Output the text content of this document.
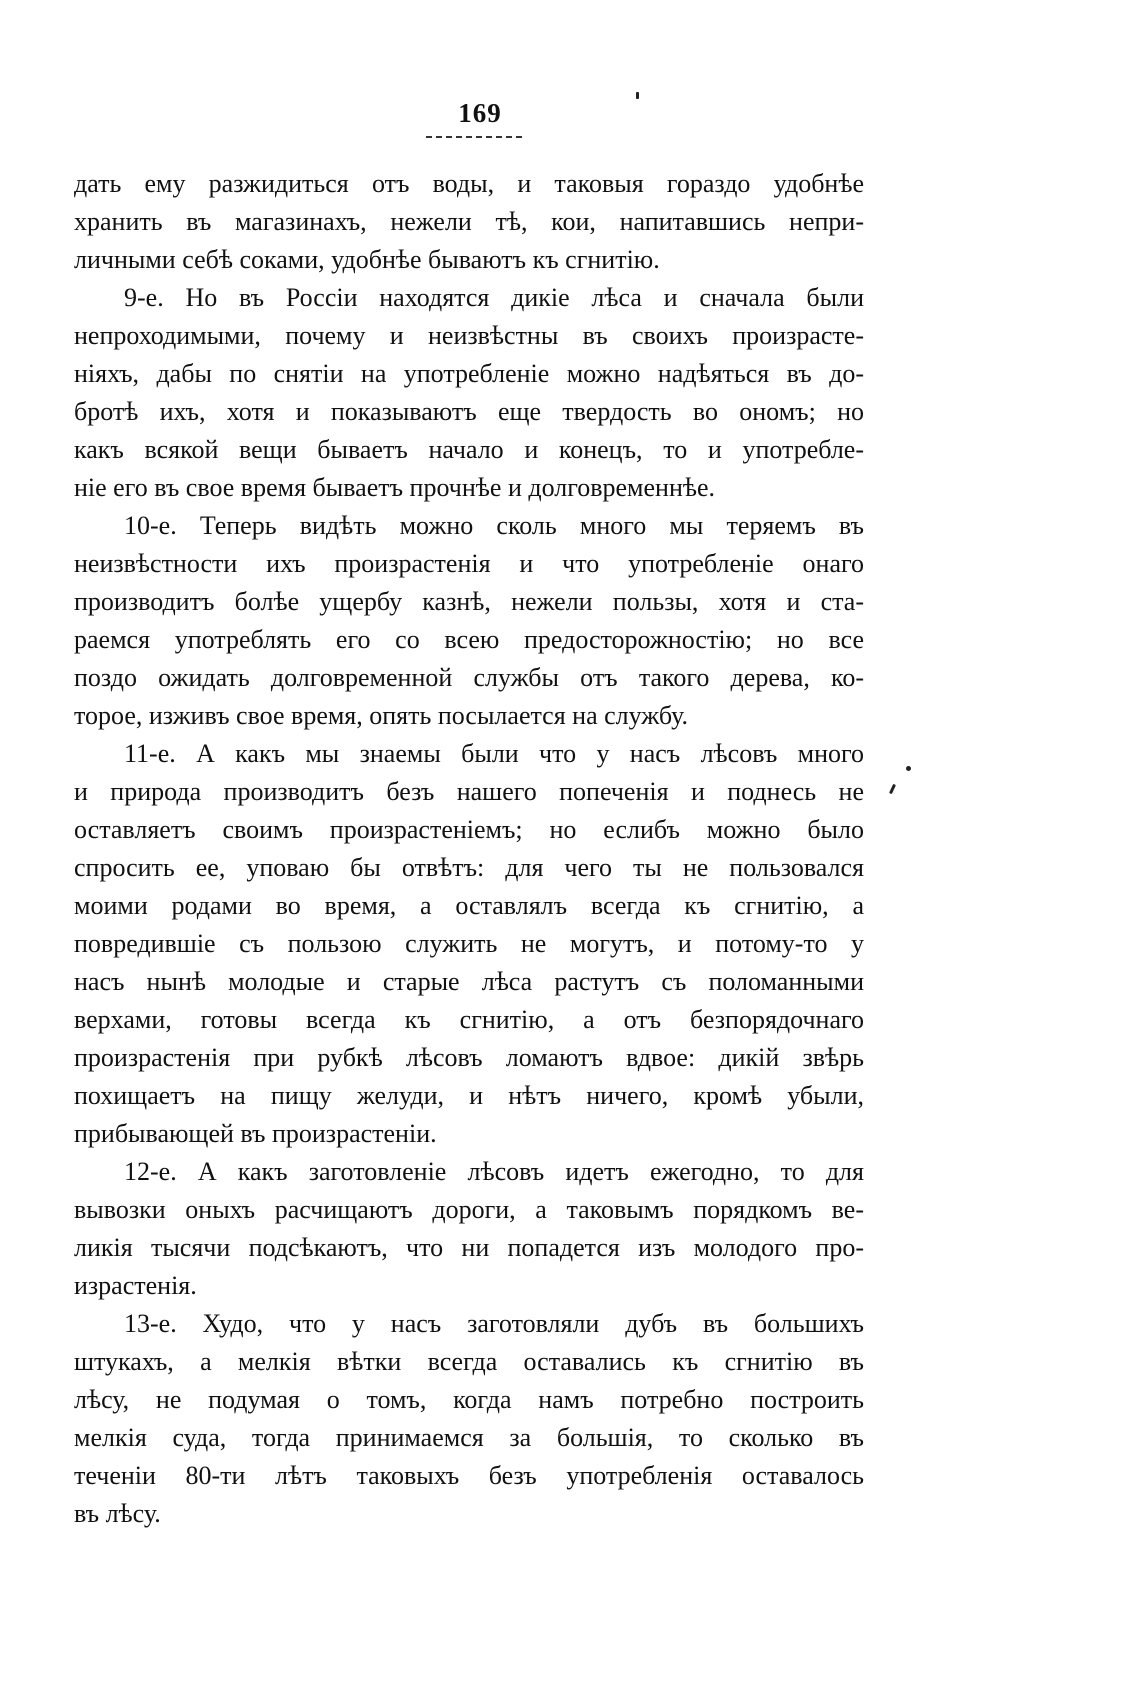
169
дать ему разжидиться отъ воды, и таковыя гораздо удобнѣе
хранить въ магазинахъ, нежели тѣ, кои, напитавшись непри-
личными себѣ соками, удобнѣе бываютъ къ сгнитію.
9-е. Но въ Россіи находятся дикіе лѣса и сначала были
непроходимыми, почему и неизвѣстны въ своихъ произрасте-
ніяхъ, дабы по снятіи на употребленіе можно надѣяться въ до-
бротѣ ихъ, хотя и показываютъ еще твердость во ономъ; но
какъ всякой вещи бываетъ начало и конецъ, то и употребле-
ніе его въ свое время бываетъ прочнѣе и долговременнѣе.
10-е. Теперь видѣть можно сколь много мы теряемъ въ
неизвѣстности ихъ произрастенія и что употребленіе онаго
производитъ болѣе ущербу казнѣ, нежели пользы, хотя и ста-
раемся употреблять его со всею предосторожностію; но все
поздо ожидать долговременной службы отъ такого дерева, ко-
торое, изживъ свое время, опять посылается на службу.
11-е. А какъ мы знаемы были что у насъ лѣсовъ много
и природа производитъ безъ нашего попеченія и поднесь не
оставляетъ своимъ произрастеніемъ; но еслибъ можно было
спросить ее, уповаю бы отвѣтъ: для чего ты не пользовался
моими родами во время, а оставлялъ всегда къ сгнитію, а
повредившіе съ пользою служить не могутъ, и потому-то у
насъ нынѣ молодые и старые лѣса растутъ съ поломанными
верхами, готовы всегда къ сгнитію, а отъ безпорядочнаго
произрастенія при рубкѣ лѣсовъ ломаютъ вдвое: дикій звѣрь
похищаетъ на пищу желуди, и нѣтъ ничего, кромѣ убыли,
прибывающей въ произрастеніи.
12-е. А какъ заготовленіе лѣсовъ идетъ ежегодно, то для
вывозки оныхъ расчищаютъ дороги, а таковымъ порядкомъ ве-
ликія тысячи подсѣкаютъ, что ни попадется изъ молодого про-
израстенія.
13-е. Худо, что у насъ заготовляли дубъ въ большихъ
штукахъ, а мелкія вѣтки всегда оставались къ сгнитію въ
лѣсу, не подумая о томъ, когда намъ потребно построить
мелкія суда, тогда принимаемся за большія, то сколько въ
теченіи 80-ти лѣтъ таковыхъ безъ употребленія оставалось
въ лѣсу.
